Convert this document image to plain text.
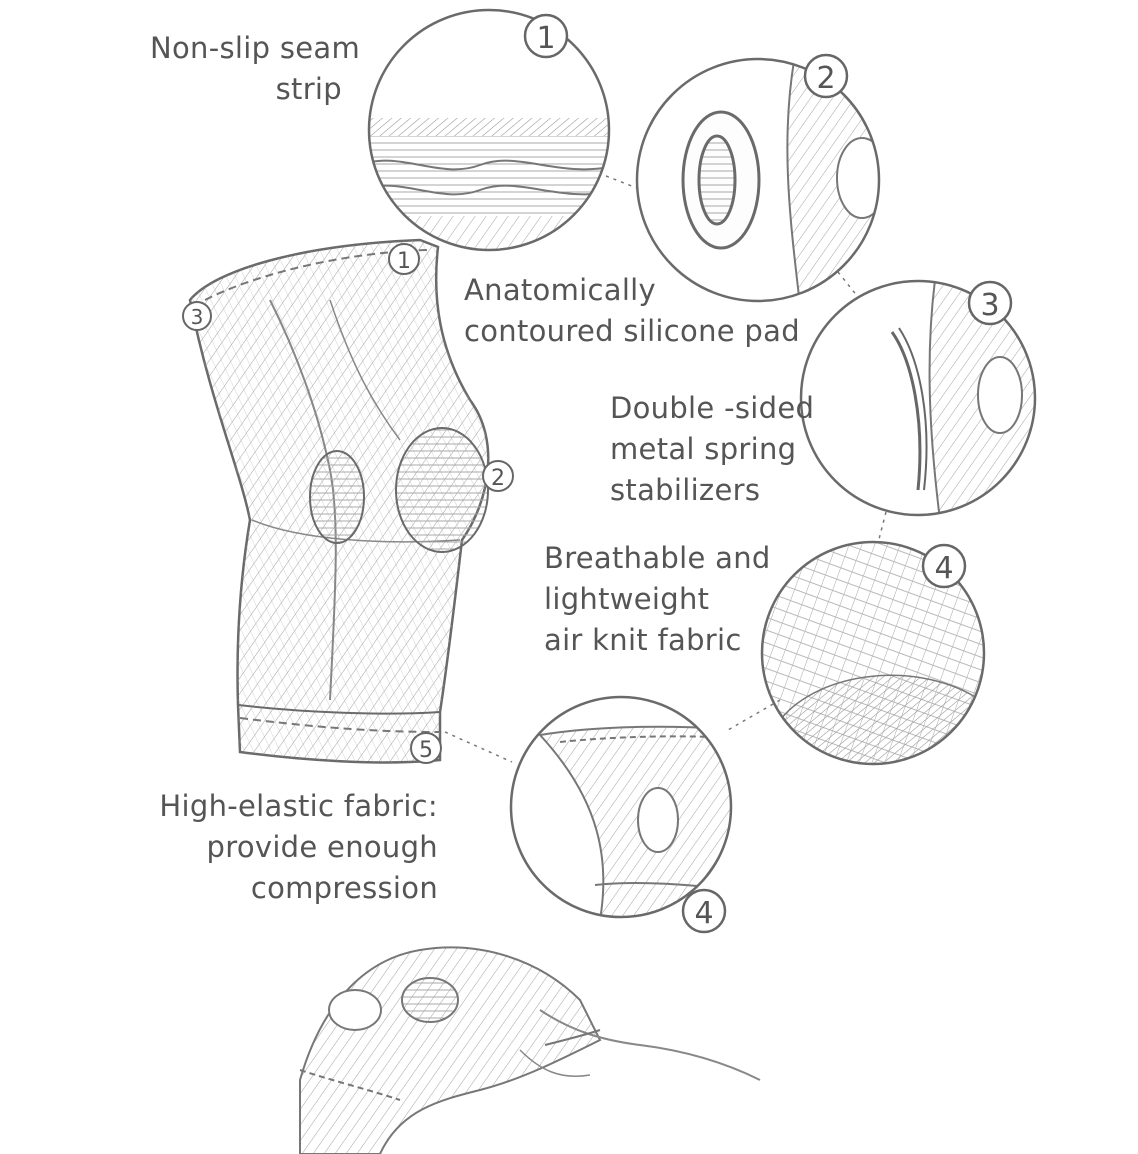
1
3
2
5
1
2
3
4
4
Non-slip seam
strip
Anatomically
contoured silicone pad
Double -sided
metal spring
stabilizers
Breathable and
lightweight
air knit fabric
High-elastic fabric:
provide enough
compression
